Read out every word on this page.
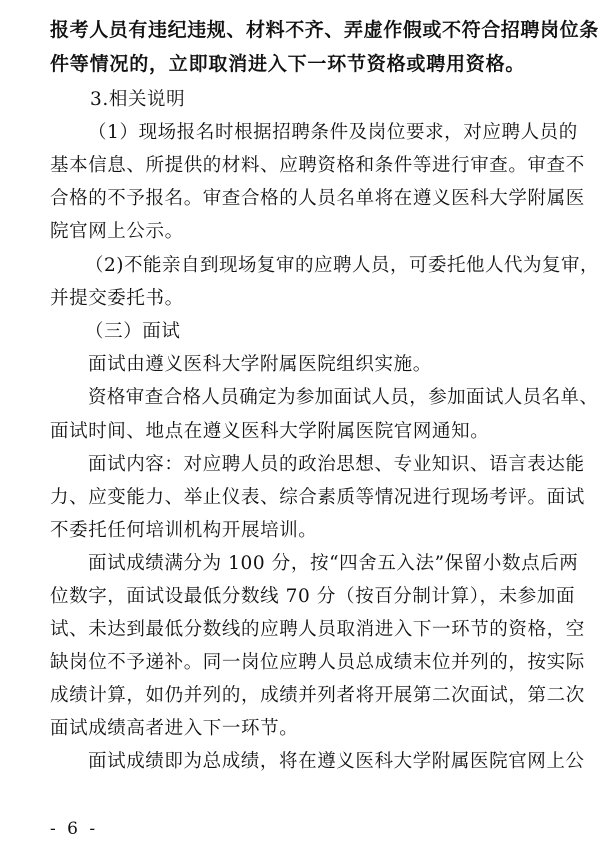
报考人员有违纪违规、材料不齐、弄虚作假或不符合招聘岗位条
件等情况的，立即取消进入下一环节资格或聘用资格。
3.相关说明
（1）现场报名时根据招聘条件及岗位要求，对应聘人员的
基本信息、所提供的材料、应聘资格和条件等进行审查。审查不
合格的不予报名。审查合格的人员名单将在遵义医科大学附属医
院官网上公示。
（2)不能亲自到现场复审的应聘人员，可委托他人代为复审，
并提交委托书。
（三）面试
面试由遵义医科大学附属医院组织实施。
资格审查合格人员确定为参加面试人员，参加面试人员名单、
面试时间、地点在遵义医科大学附属医院官网通知。
面试内容：对应聘人员的政治思想、专业知识、语言表达能
力、应变能力、举止仪表、综合素质等情况进行现场考评。面试
不委托任何培训机构开展培训。
面试成绩满分为 100 分，按“四舍五入法”保留小数点后两
位数字，面试设最低分数线 70 分（按百分制计算），未参加面
试、未达到最低分数线的应聘人员取消进入下一环节的资格，空
缺岗位不予递补。同一岗位应聘人员总成绩末位并列的，按实际
成绩计算，如仍并列的，成绩并列者将开展第二次面试，第二次
面试成绩高者进入下一环节。
面试成绩即为总成绩，将在遵义医科大学附属医院官网上公
- 6 -
